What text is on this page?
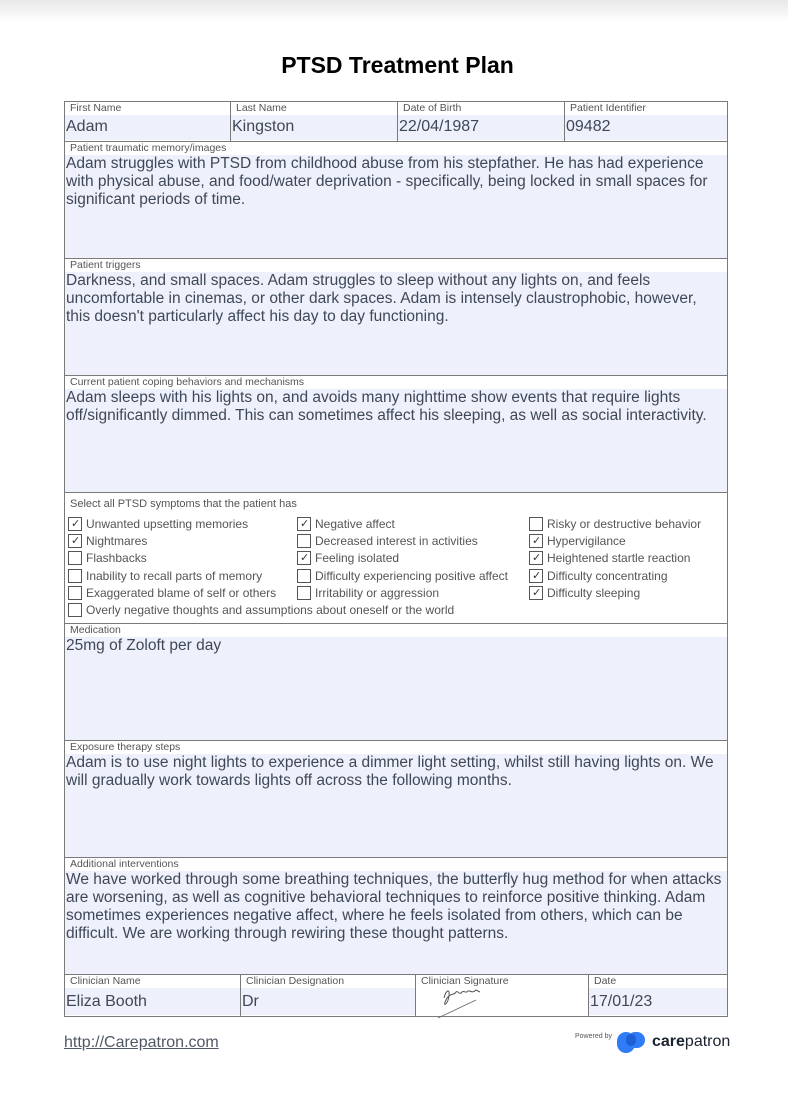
PTSD Treatment Plan
First Name
Adam
Last Name
Kingston
Date of Birth
22/04/1987
Patient Identifier
09482
Patient traumatic memory/images
Adam struggles with PTSD from childhood abuse from his stepfather. He has had experience with physical abuse, and food/water deprivation - specifically, being locked in small spaces for significant periods of time.
Patient triggers
Darkness, and small spaces. Adam struggles to sleep without any lights on, and feels uncomfortable in cinemas, or other dark spaces. Adam is intensely claustrophobic, however, this doesn't particularly affect his day to day functioning.
Current patient coping behaviors and mechanisms
Adam sleeps with his lights on, and avoids many nighttime show events that require lights off/significantly dimmed. This can sometimes affect his sleeping, as well as social interactivity.
Select all PTSD symptoms that the patient has
✓ Unwanted upsetting memories
✓ Nightmares
Flashbacks
Inability to recall parts of memory
Exaggerated blame of self or others
✓ Negative affect
Decreased interest in activities
✓ Feeling isolated
Difficulty experiencing positive affect
Irritability or aggression
Risky or destructive behavior
✓ Hypervigilance
✓ Heightened startle reaction
✓ Difficulty concentrating
✓ Difficulty sleeping
Overly negative thoughts and assumptions about oneself or the world
Medication
25mg of Zoloft per day
Exposure therapy steps
Adam is to use night lights to experience a dimmer light setting, whilst still having lights on. We will gradually work towards lights off across the following months.
Additional interventions
We have worked through some breathing techniques, the butterfly hug method for when attacks are worsening, as well as cognitive behavioral techniques to reinforce positive thinking. Adam sometimes experiences negative affect, where he feels isolated from others, which can be difficult. We are working through rewiring these thought patterns.
Clinician Name
Eliza Booth
Clinician Designation
Dr
Clinician Signature	Date
17/01/23
http://Carepatron.com	Powered by	carepatron
